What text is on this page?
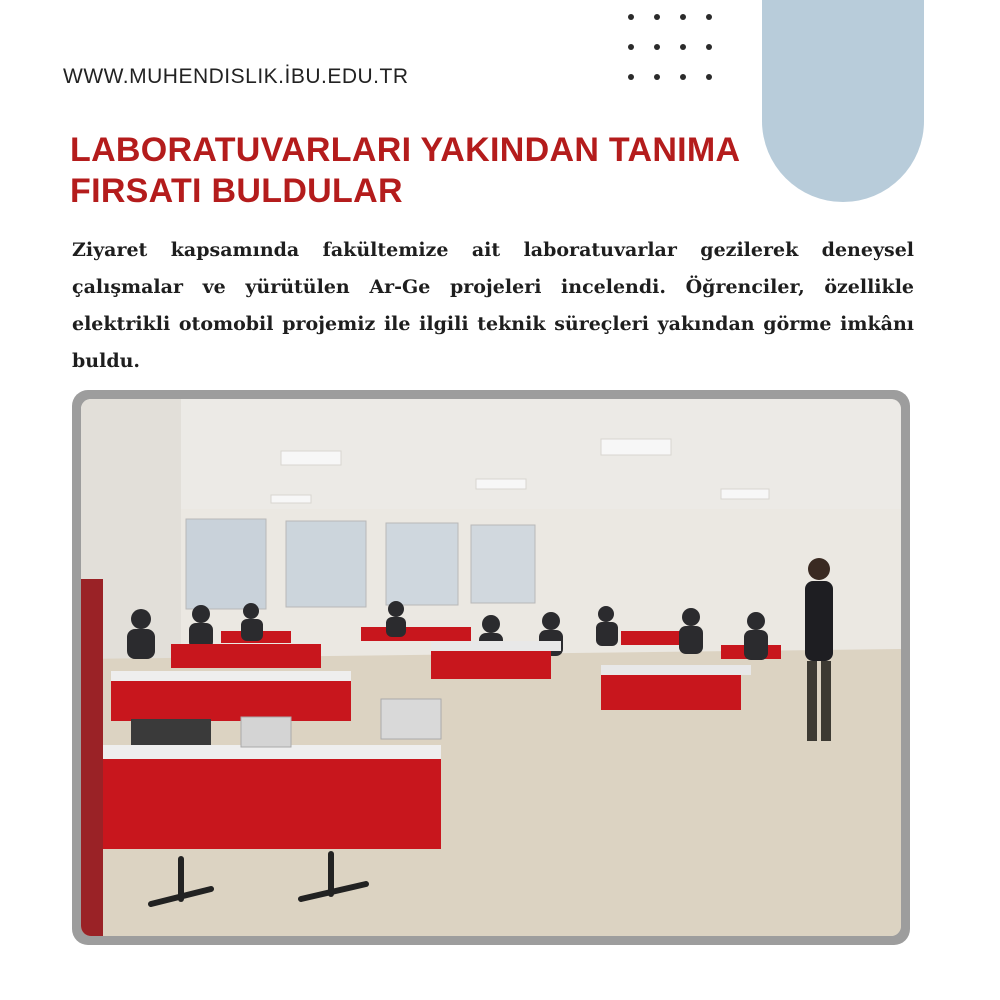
WWW.MUHENDISLIK.İBU.EDU.TR

LABORATUVARLARI YAKINDAN TANIMA FIRSATI BULDULAR

Ziyaret kapsamında fakültemize ait laboratuvarlar gezilerek deneysel çalışmalar ve yürütülen Ar-Ge projeleri incelendi. Öğrenciler, özellikle elektrikli otomobil projemiz ile ilgili teknik süreçleri yakından görme imkânı buldu.
